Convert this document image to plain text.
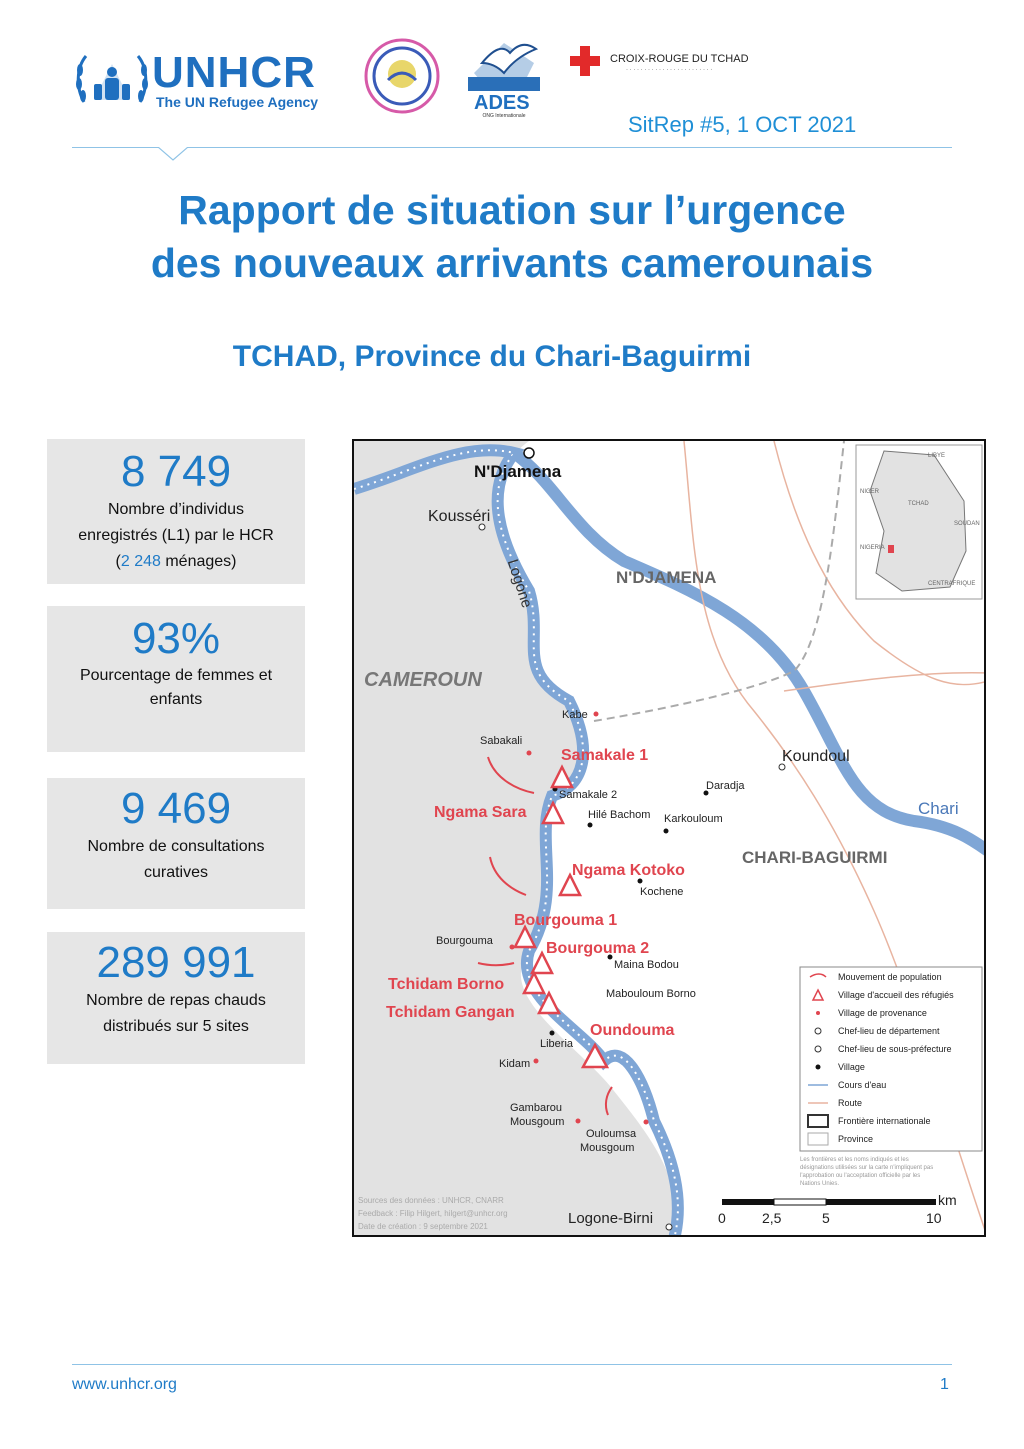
UNHCR
The UN Refugee Agency
ONG Internationale
ADES
CROIX-ROUGE DU TCHAD
· · · · · · · · · · · · · · · · · · · · · · · ·
SitRep #5, 1 OCT 2021
Rapport de situation sur l’urgence
des nouveaux arrivants camerounais
TCHAD, Province du Chari-Baguirmi
8 749
Nombre d’individus
enregistrés (L1) par le HCR
(2 248 ménages)
93%
Pourcentage de femmes et
enfants
9 469
Nombre de consultations
curatives
289 991
Nombre de repas chauds
distribués sur 5 sites
N'Djamena
Kousséri
N'DJAMENA
Logone
CAMEROUN
Koundoul
Chari
CHARI-BAGUIRMI
Kabe
Sabakali
Samakale 2
Hilé Bachom Karkouloum
Daradja
Kochene
Bourgouma
Maina Bodou
Mabouloum Borno
Liberia
Kidam
Gambarou
Mousgoum
Ouloumsa
Mousgoum
Logone-Birni
Samakale 1
Ngama Sara
Ngama Kotoko
Bourgouma 1
Bourgouma 2
Tchidam Borno
Tchidam Gangan
Oundouma
TCHAD
LIBYE
NIGER
SOUDAN
CENTRAFRIQUE
NIGERIA
Mouvement de population
Village d'accueil des réfugiés
Village de provenance
Chef-lieu de département
Chef-lieu de sous-préfecture
Village
Cours d'eau
Route
Frontière internationale
Province
Les frontières et les noms indiqués et les
désignations utilisées sur la carte n'impliquent pas
l'approbation ou l'acceptation officielle par les
Nations Unies.
Sources des données : UNHCR, CNARR
Feedback : Filip Hilgert, hilgert@unhcr.org
Date de création : 9 septembre 2021
km
0	2,5	5	10
www.unhcr.org	1
